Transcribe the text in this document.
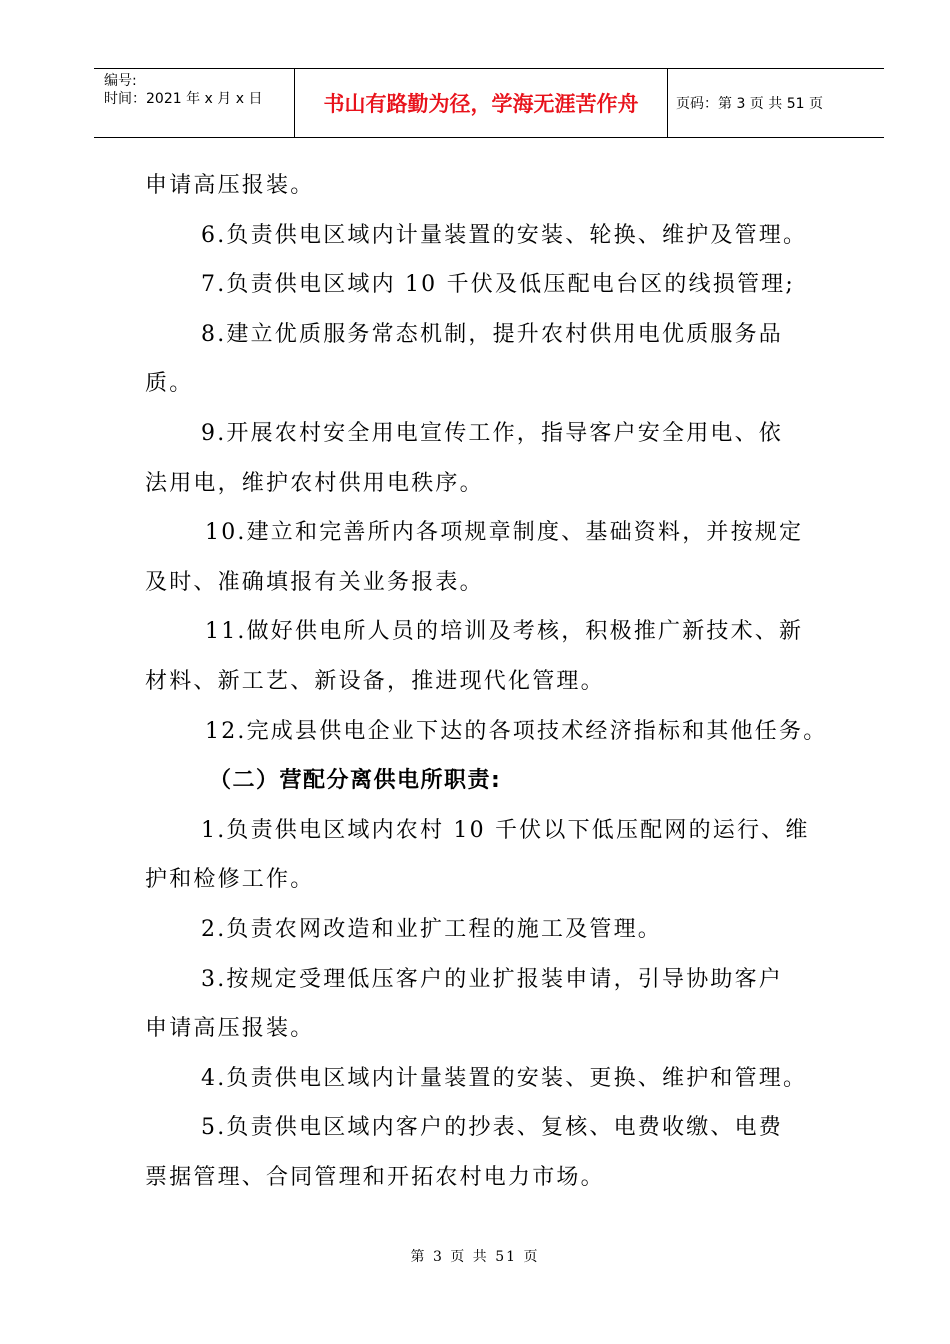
编号:
时间：2021 年 x 月 x 日	书山有路勤为径，学海无涯苦作舟	页码：第 3 页 共 51 页
申请高压报装。
6.负责供电区域内计量装置的安装、轮换、维护及管理。
7.负责供电区域内 10 千伏及低压配电台区的线损管理;
8.建立优质服务常态机制，提升农村供用电优质服务品
质。
9.开展农村安全用电宣传工作，指导客户安全用电、依
法用电，维护农村供用电秩序。
10.建立和完善所内各项规章制度、基础资料，并按规定
及时、准确填报有关业务报表。
11.做好供电所人员的培训及考核，积极推广新技术、新
材料、新工艺、新设备，推进现代化管理。
12.完成县供电企业下达的各项技术经济指标和其他任务。
（二）营配分离供电所职责:
1.负责供电区域内农村 10 千伏以下低压配网的运行、维
护和检修工作。
2.负责农网改造和业扩工程的施工及管理。
3.按规定受理低压客户的业扩报装申请，引导协助客户
申请高压报装。
4.负责供电区域内计量装置的安装、更换、维护和管理。
5.负责供电区域内客户的抄表、复核、电费收缴、电费
票据管理、合同管理和开拓农村电力市场。
第 3 页 共 51 页
